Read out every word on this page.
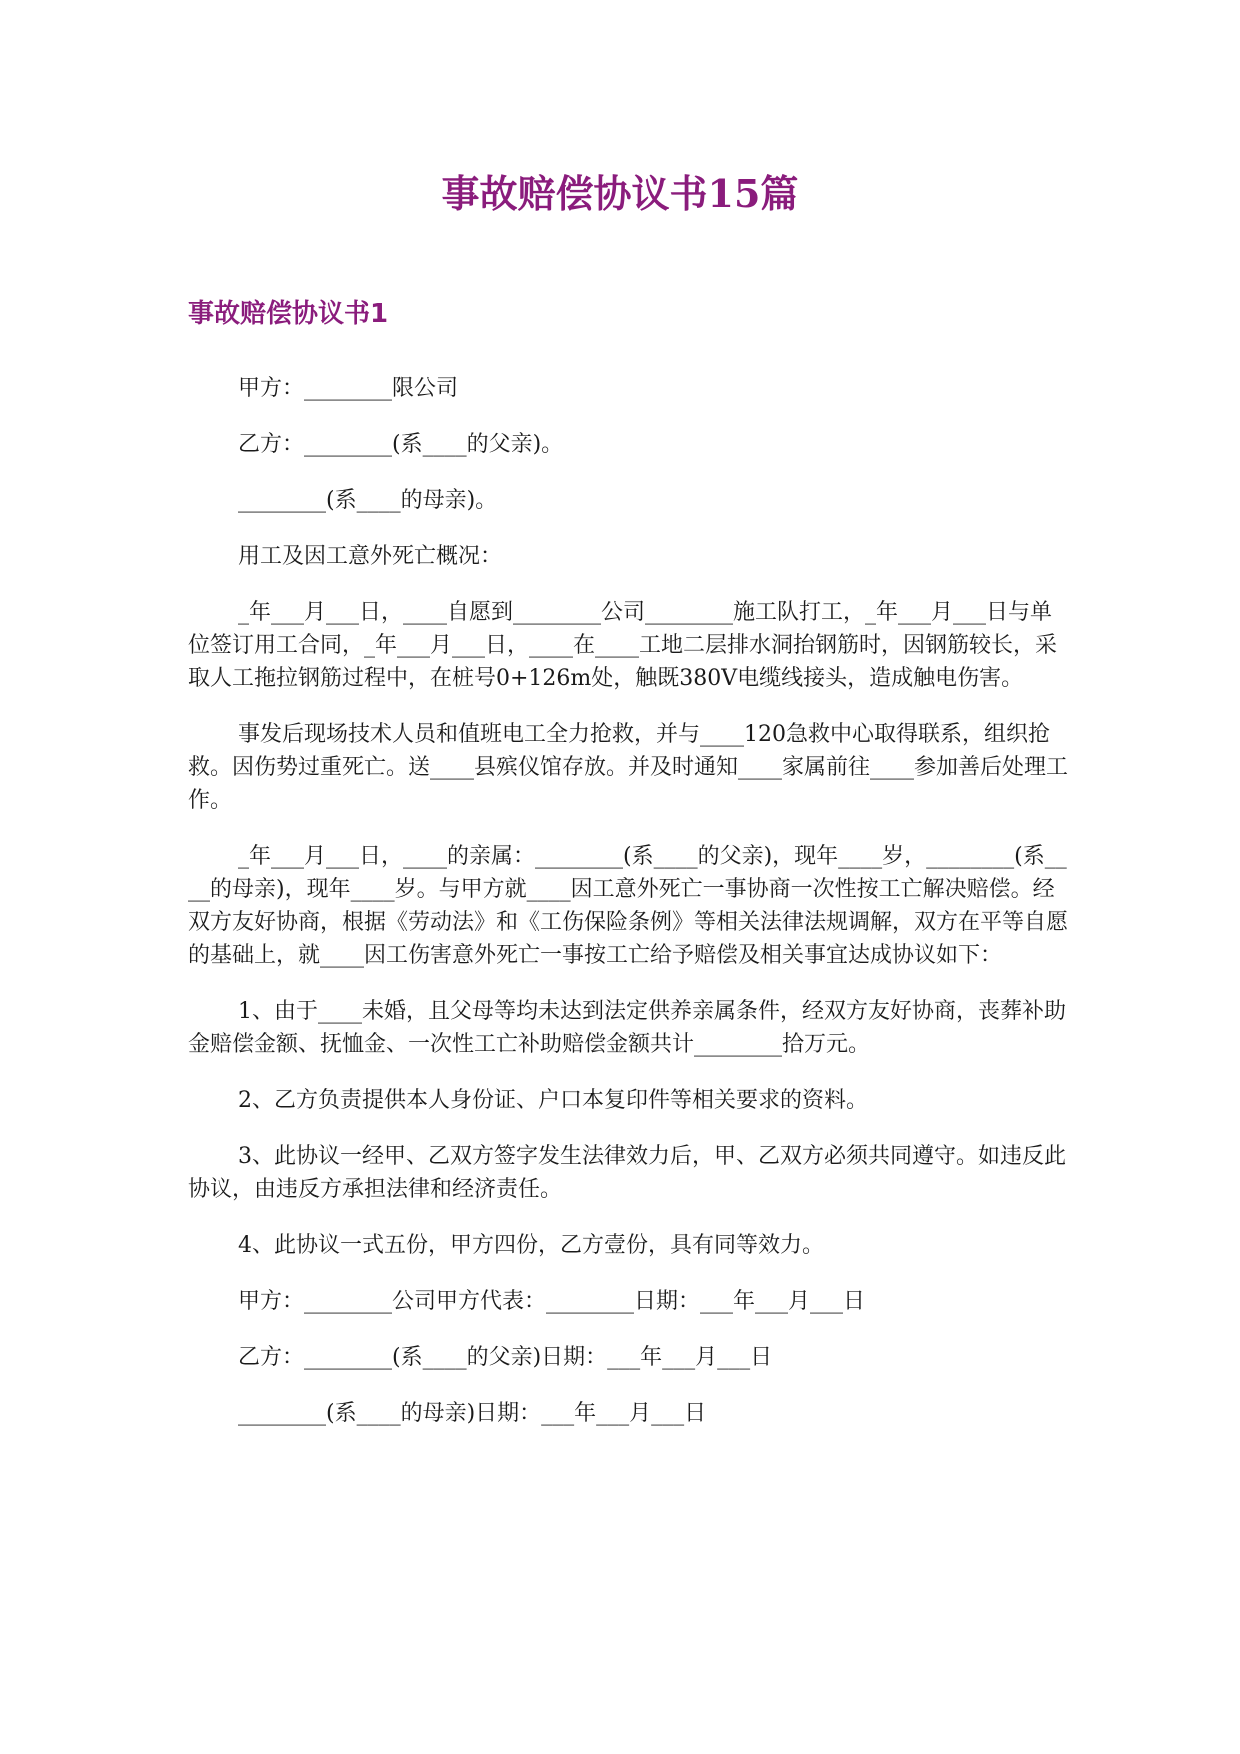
事故赔偿协议书15篇
事故赔偿协议书1

甲方：________限公司

乙方：________(系____的父亲)。

________(系____的母亲)。

用工及因工意外死亡概况：

_年___月___日，____自愿到________公司________施工队打工，_年___月___日与单位签订用工合同，_年___月___日，____在____工地二层排水洞抬钢筋时，因钢筋较长，采取人工拖拉钢筋过程中，在桩号0+126m处，触既380V电缆线接头，造成触电伤害。

事发后现场技术人员和值班电工全力抢救，并与____120急救中心取得联系，组织抢救。因伤势过重死亡。送____县殡仪馆存放。并及时通知____家属前往____参加善后处理工作。

_年___月___日，____的亲属：________(系____的父亲)，现年____岁，________(系____的母亲)，现年____岁。与甲方就____因工意外死亡一事协商一次性按工亡解决赔偿。经双方友好协商，根据《劳动法》和《工伤保险条例》等相关法律法规调解，双方在平等自愿的基础上，就____因工伤害意外死亡一事按工亡给予赔偿及相关事宜达成协议如下：

1、由于____未婚，且父母等均未达到法定供养亲属条件，经双方友好协商，丧葬补助金赔偿金额、抚恤金、一次性工亡补助赔偿金额共计________拾万元。

2、乙方负责提供本人身份证、户口本复印件等相关要求的资料。

3、此协议一经甲、乙双方签字发生法律效力后，甲、乙双方必须共同遵守。如违反此协议，由违反方承担法律和经济责任。

4、此协议一式五份，甲方四份，乙方壹份，具有同等效力。

甲方：________公司甲方代表：________日期：___年___月___日

乙方：________(系____的父亲)日期：___年___月___日

________(系____的母亲)日期：___年___月___日
